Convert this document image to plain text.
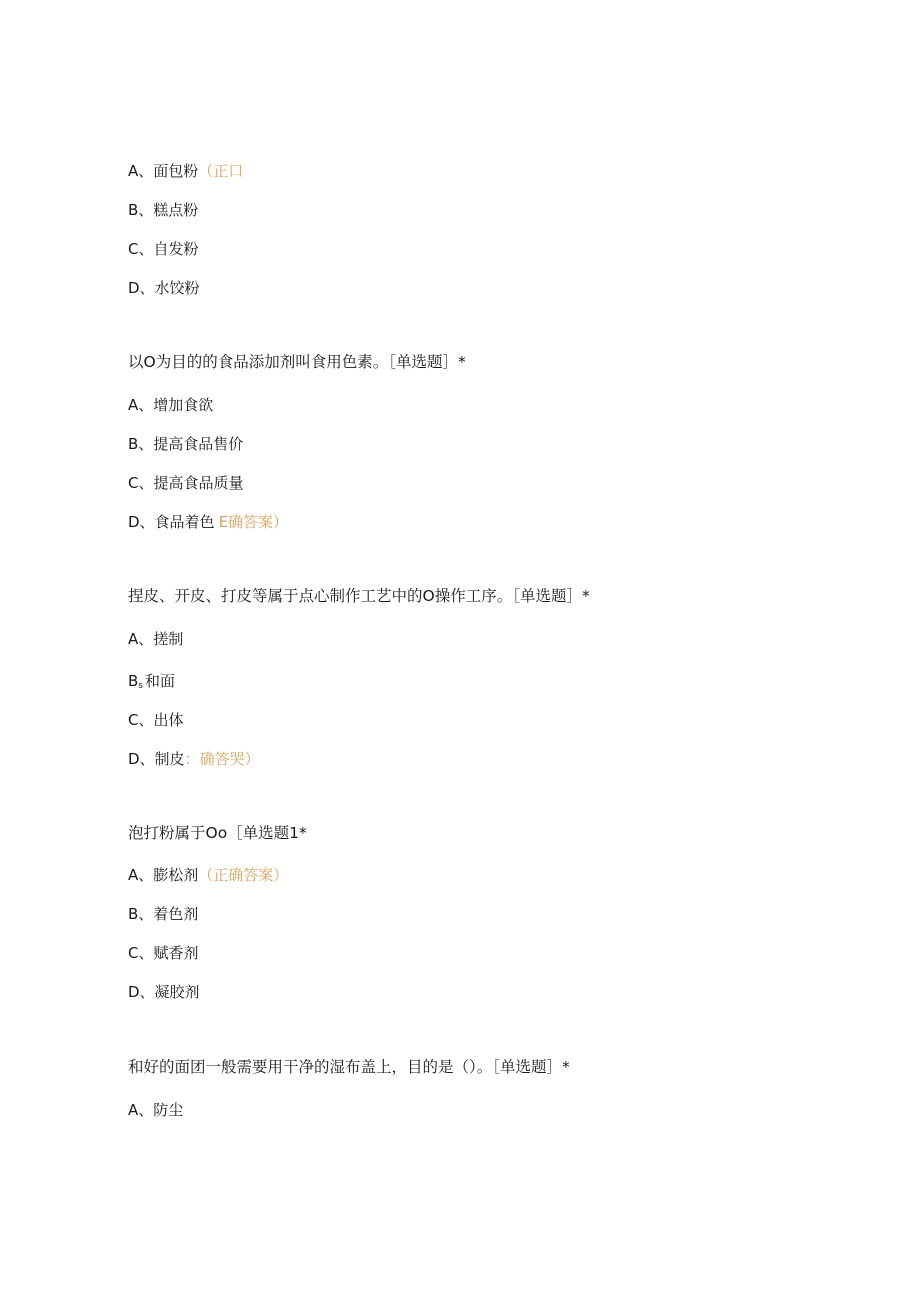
A、面包粉（正口
B、糕点粉
C、自发粉
D、水饺粉
以O为目的的食品添加剂叫食用色素。［单选题］*
A、增加食欲
B、提高食品售价
C、提高食品质量
D、食品着色 E确答案）
捏皮、开皮、打皮等属于点心制作工艺中的O操作工序。［单选题］*
A、搓制
$B_s$ 和面
C、出体
D、制皮：确答哭）
泡打粉属于Oo［单选题1*
A、膨松剂（正确答案）
B、着色剂
C、赋香剂
D、凝胶剂
和好的面团一般需要用干净的湿布盖上，目的是（）。［单选题］*
A、防尘
